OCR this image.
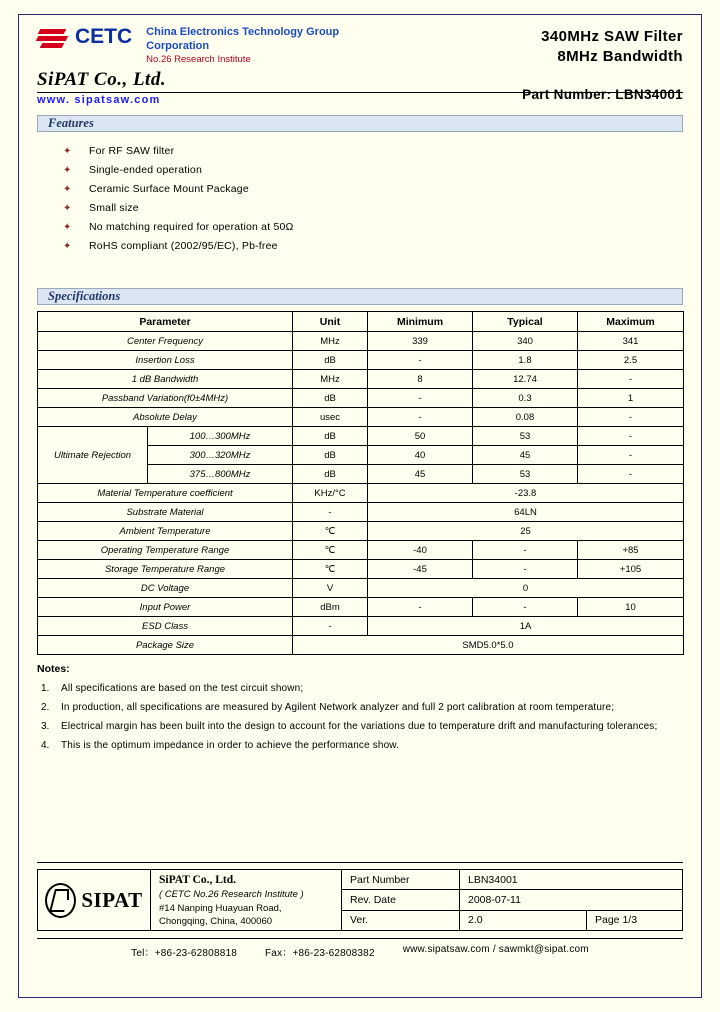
CETC China Electronics Technology Group Corporation
No.26 Research Institute
SiPAT Co., Ltd.
www. sipatsaw.com
340MHz SAW Filter
8MHz Bandwidth
Part Number: LBN34001
Features
✦ For RF SAW filter
✦ Single-ended operation
✦ Ceramic Surface Mount Package
✦ Small size
✦ No matching required for operation at 50Ω
✦ RoHS compliant (2002/95/EC), Pb-free
Specifications
Parameter		Unit	Minimum	Typical	Maximum
Center Frequency		MHz	339	340	341
Insertion Loss		dB	-	1.8	2.5
1 dB Bandwidth		MHz	8	12.74	-
Passband Variation(f0±4MHz)		dB	-	0.3	1
Absolute Delay		usec	-	0.08	-
Ultimate Rejection	100…300MHz	dB	50	53	-
	300…320MHz	dB	40	45	-
	375…800MHz	dB	45	53	-
Material Temperature coefficient		KHz/°C	-23.8		
Substrate Material		-	64LN		
Ambient Temperature		℃	25		
Operating Temperature Range		℃	-40	-	+85
Storage Temperature Range		℃	-45	-	+105
DC Voltage		V	0		
Input Power		dBm	-	-	10
ESD Class		-	1A		
Package Size		SMD5.0*5.0			
Notes:
1.	All specifications are based on the test circuit shown;
2.	In production, all specifications are measured by Agilent Network analyzer and full 2 port calibration at room temperature;
3.	Electrical margin has been built into the design to account for the variations due to temperature drift and manufacturing tolerances;
4.	This is the optimum impedance in order to achieve the performance show.
SIPAT
SiPAT Co., Ltd.
( CETC No.26 Research Institute )
#14 Nanping Huayuan Road,
Chongqing, China, 400060
Part Number	LBN34001
Rev. Date	2008-07-11
Ver.	2.0	Page 1/3
Tel：+86-23-62808818	Fax：+86-23-62808382	www.sipatsaw.com / sawmkt@sipat.com
